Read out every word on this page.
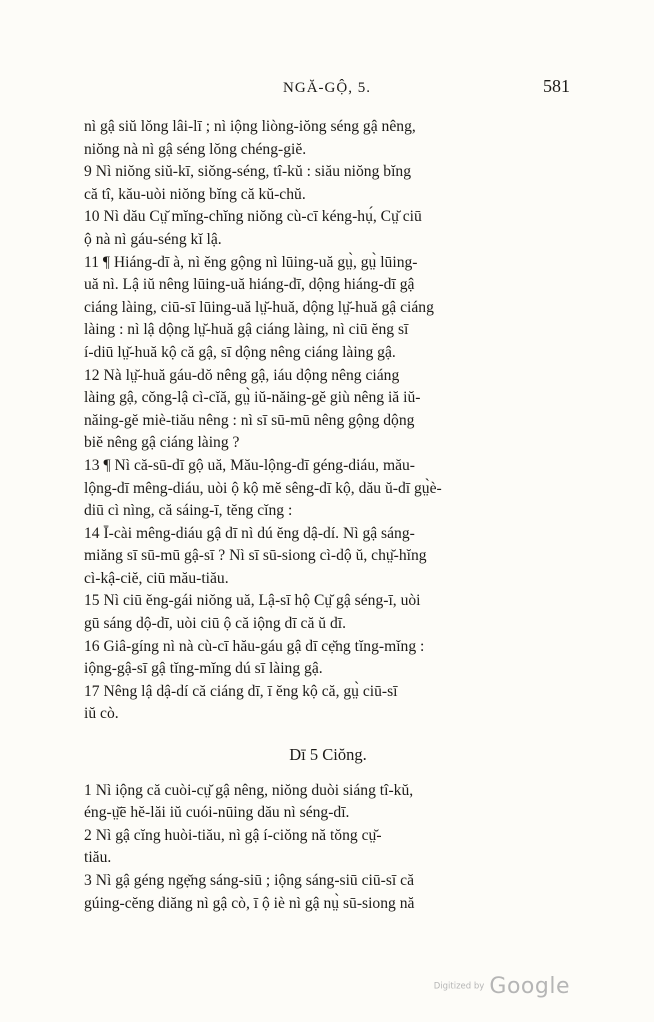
NGĂ-GỘ, 5.	581
nì gậ siŭ lŏng lâi-lī ; nì iộng liòng-iŏng séng gậ nêng,
niŏng nà nì gậ séng lŏng chéng-giĕ.
9 Nì niŏng siŭ-kī, siŏng-séng, tî-kŭ : siău niŏng bĭng
că tî, kău-uòi niŏng bĭng că kŭ-chŭ.
10 Nì dău Cṳ̆ mĭng-chĭng niŏng cù-cī kéng-hụ́, Cṳ̆ ciū
ộ nà nì gáu-séng kĭ lậ.
11 ¶ Hiáng-dī à, nì ĕng gộng nì lūing-uă gṳ̀, gṳ̀ lūing-
uă nì. Lậ iŭ nêng lūing-uă hiáng-dī, dộng hiáng-dī gậ
ciáng làing, ciū-sī lūing-uă lṳ̆-huă, dộng lṳ̆-huă gậ ciáng
làing : nì lậ dộng lṳ̆-huă gậ ciáng làing, nì ciū ĕng sī
í-diū lṳ̆-huă kộ că gậ, sī dộng nêng ciáng làing gậ.
12 Nà lṳ̆-huă gáu-dŏ nêng gậ, iáu dộng nêng ciáng
làing gậ, cŏng-lậ cì-cĭă, gṳ̀ iŭ-năing-gĕ giù nêng iă iŭ-
năing-gĕ miè-tiău nêng : nì sī sū-mū nêng gộng dộng
biĕ nêng gậ ciáng làing ?
13 ¶ Nì că-sū-dī gộ uă, Mău-lộng-dī géng-diáu, mău-
lộng-dī mêng-diáu, uòi ộ kộ mĕ sêng-dī kộ, dău ŭ-dī gṳ̀è-
diū cì nìng, că sáing-ī, tĕng cĭng :
14 Ī-cài mêng-diáu gậ dī nì dú ĕng dậ-dí. Nì gậ sáng-
miăng sī sū-mū gậ-sī ? Nì sī sū-siong cì-dộ ŭ, chṳ̆-hĭng
cì-kậ-ciĕ, ciū mău-tiău.
15 Nì ciū ĕng-gái niŏng uă, Lậ-sī hộ Cṳ̆ gậ séng-ī, uòi
gū sáng dộ-dī, uòi ciū ộ că iộng dī că ŭ dī.
16 Giâ-gíng nì nà cù-cī hău-gáu gậ dī cẹ̆ng tĭng-mĭng :
iộng-gậ-sī gậ tĭng-mĭng dú sī làing gậ.
17 Nêng lậ dậ-dí că ciáng dī, ī ĕng kộ că, gṳ̀ ciū-sī
iŭ cò.
Dī 5 Ciŏng.
1 Nì iộng că cuòi-cṳ̆ gậ nêng, niŏng duòi siáng tî-kŭ,
éng-ṳ̆ē hĕ-lăi iŭ cuói-nūing dău nì séng-dī.
2 Nì gậ cĭng huòi-tiău, nì gậ í-ciŏng nă tŏng cṳ̆-
tiău.
3 Nì gậ géng ngẹ̆ng sáng-siū ; iộng sáng-siū ciū-sī că
gúing-cĕng diăng nì gậ cò, ī ộ iè nì gậ nṳ̀ sū-siong nă
Digitized by Google
